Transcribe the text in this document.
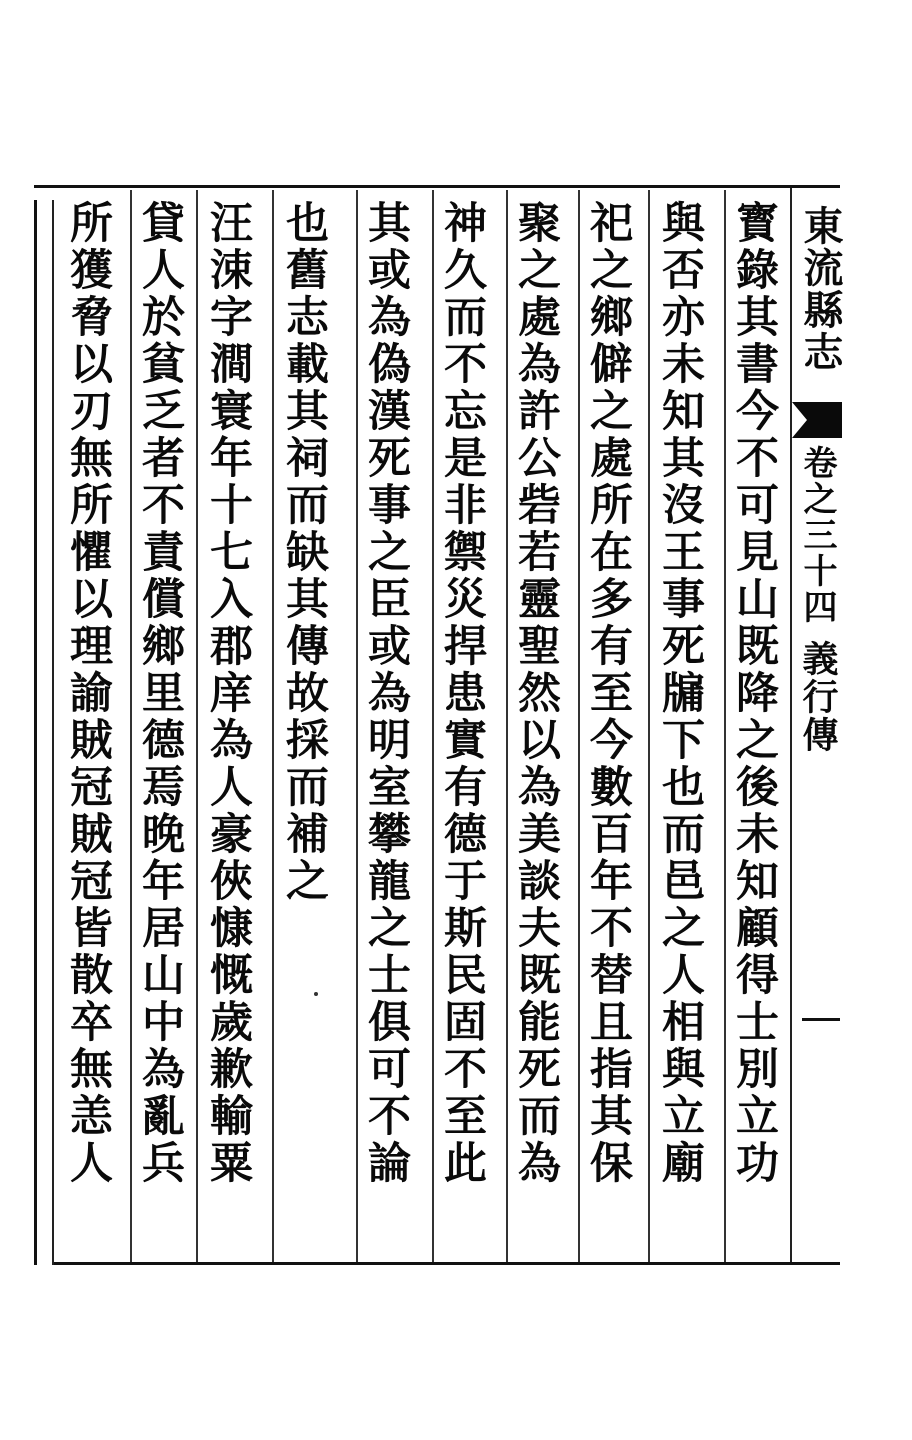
東流縣志
卷之三十四
義行傳
寳錄其書今不可見山既降之後未知顧得士別立功
與否亦未知其沒王事死牖下也而邑之人相與立廟
祀之鄉僻之處所在多有至今數百年不替且指其保
聚之處為許公砦若靈聖然以為美談夫既能死而為
神久而不忘是非禦災捍患實有德于斯民固不至此
其或為偽漢死事之臣或為明室攀龍之士俱可不論
也舊志載其祠而缺其傳故採而補之
汪涑字澗寰年十七入郡庠為人豪俠慷慨歲歉輸粟
貸人於貧乏者不責償鄉里德焉晚年居山中為亂兵
所獲脅以刃無所懼以理諭賊冠賊冠皆散卒無恙人
